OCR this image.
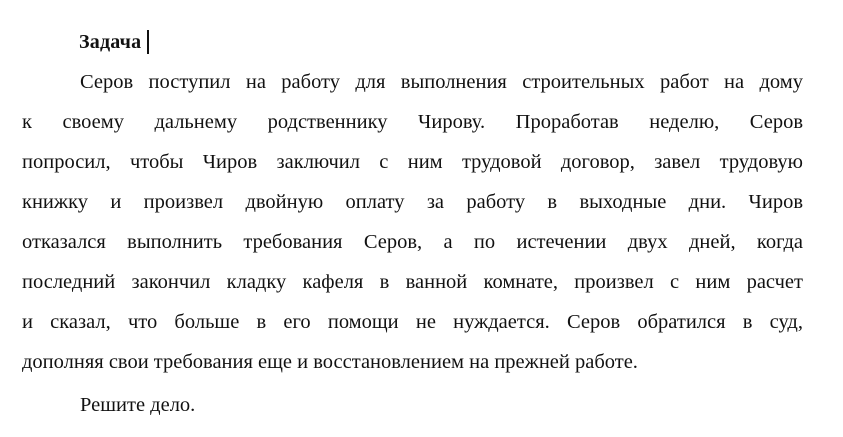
Задача
Серов поступил на работу для выполнения строительных работ на дому
к своему дальнему родственнику Чирову. Проработав неделю, Серов
попросил, чтобы Чиров заключил с ним трудовой договор, завел трудовую
книжку и произвел двойную оплату за работу в выходные дни. Чиров
отказался выполнить требования Серов, а по истечении двух дней, когда
последний закончил кладку кафеля в ванной комнате, произвел с ним расчет
и сказал, что больше в его помощи не нуждается. Серов обратился в суд,
дополняя свои требования еще и восстановлением на прежней работе.
Решите дело.
